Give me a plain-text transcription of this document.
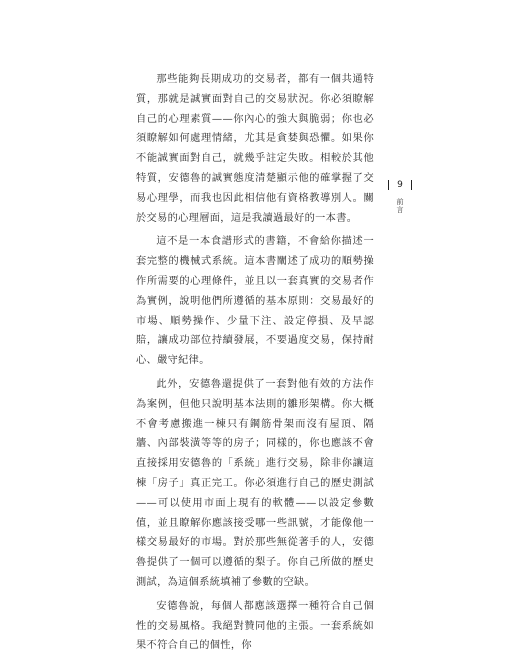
那些能夠長期成功的交易者，都有一個共通特質，那就是誠實面對自己的交易狀況。你必須瞭解自己的心理素質——你內心的強大與脆弱；你也必須瞭解如何處理情緒，尤其是貪婪與恐懼。如果你不能誠實面對自己，就幾乎註定失敗。相較於其他特質，安德魯的誠實態度清楚顯示他的確掌握了交易心理學，而我也因此相信他有資格教導別人。關於交易的心理層面，這是我讀過最好的一本書。

這不是一本食譜形式的書籍，不會給你描述一套完整的機械式系統。這本書闡述了成功的順勢操作所需要的心理條件，並且以一套真實的交易者作為實例，說明他們所遵循的基本原則：交易最好的市場、順勢操作、少量下注、設定停損、及早認賠，讓成功部位持續發展，不要過度交易，保持耐心、嚴守紀律。

此外，安德魯還提供了一套對他有效的方法作為案例，但他只說明基本法則的雛形架構。你大概不會考慮搬進一棟只有鋼筋骨架而沒有屋頂、隔牆、內部裝潢等等的房子；同樣的，你也應該不會直接採用安德魯的「系統」進行交易，除非你讓這棟「房子」真正完工。你必須進行自己的歷史測試——可以使用市面上現有的軟體——以設定參數值，並且瞭解你應該接受哪一些訊號，才能像他一樣交易最好的市場。對於那些無從著手的人，安德魯提供了一個可以遵循的梨子。你自己所做的歷史測試，為這個系統填補了參數的空缺。

安德魯說，每個人都應該選擇一種符合自己個性的交易風格。我絕對贊同他的主張。一套系統如果不符合自己的個性，你

9
前言
